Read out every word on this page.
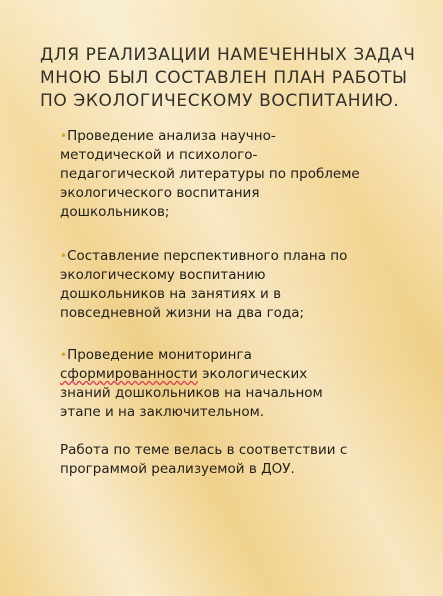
ДЛЯ РЕАЛИЗАЦИИ НАМЕЧЕННЫХ ЗАДАЧ
МНОЮ БЫЛ СОСТАВЛЕН ПЛАН РАБОТЫ
ПО ЭКОЛОГИЧЕСКОМУ ВОСПИТАНИЮ.

•Проведение анализа научно-
методической и психолого-
педагогической литературы по проблеме
экологического воспитания
дошкольников;

•Составление перспективного плана по
экологическому воспитанию
дошкольников на занятиях и в
повседневной жизни на два года;

•Проведение мониторинга
сформированности экологических
знаний дошкольников на начальном
этапе и на заключительном.

Работа по теме велась в соответствии с
программой реализуемой в ДОУ.
